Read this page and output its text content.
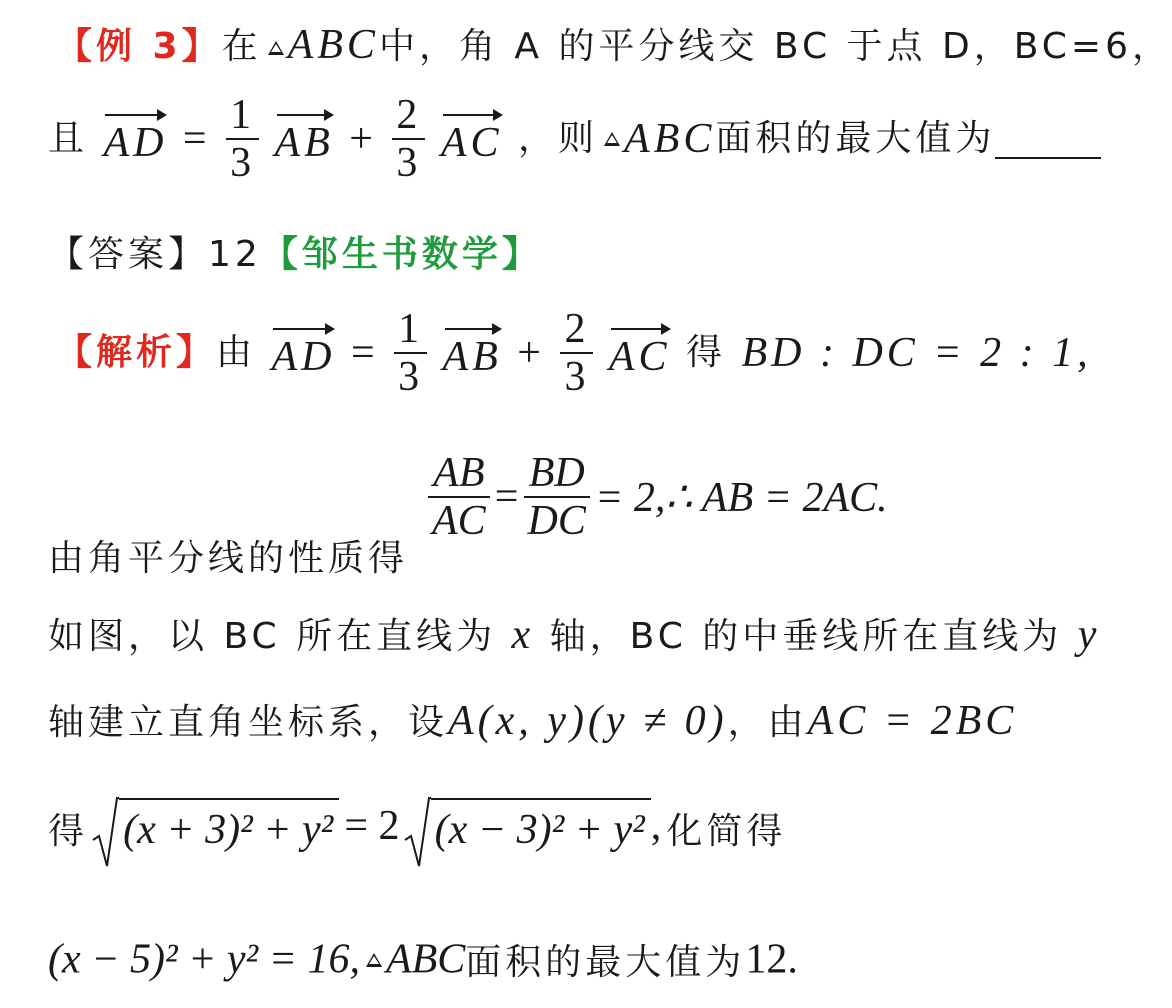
【例 3】在 ABC中，角 A 的平分线交 BC 于点 D，BC=6，
且 AD = $\frac{1}{3}$ AB + $\frac{2}{3}$ AC ，则 ABC面积的最大值为
【答案】12【邹生书数学】
【解析】由 AD = $\frac{1}{3}$ AB + $\frac{2}{3}$ AC 得 BD : DC = 2 : 1,
$\frac{AB}{AC} = \frac{BD}{DC}$ = 2,∴ AB = 2AC.
由角平分线的性质得
如图，以 BC 所在直线为 x 轴，BC 的中垂线所在直线为 y
轴建立直角坐标系，设A(x, y)(y ≠ 0)，由AC = 2BC
得 (x + 3)² + y² = 2 (x − 3)² + y² , 化简得
(x − 5)² + y² = 16, ABC面积的最大值为12.
